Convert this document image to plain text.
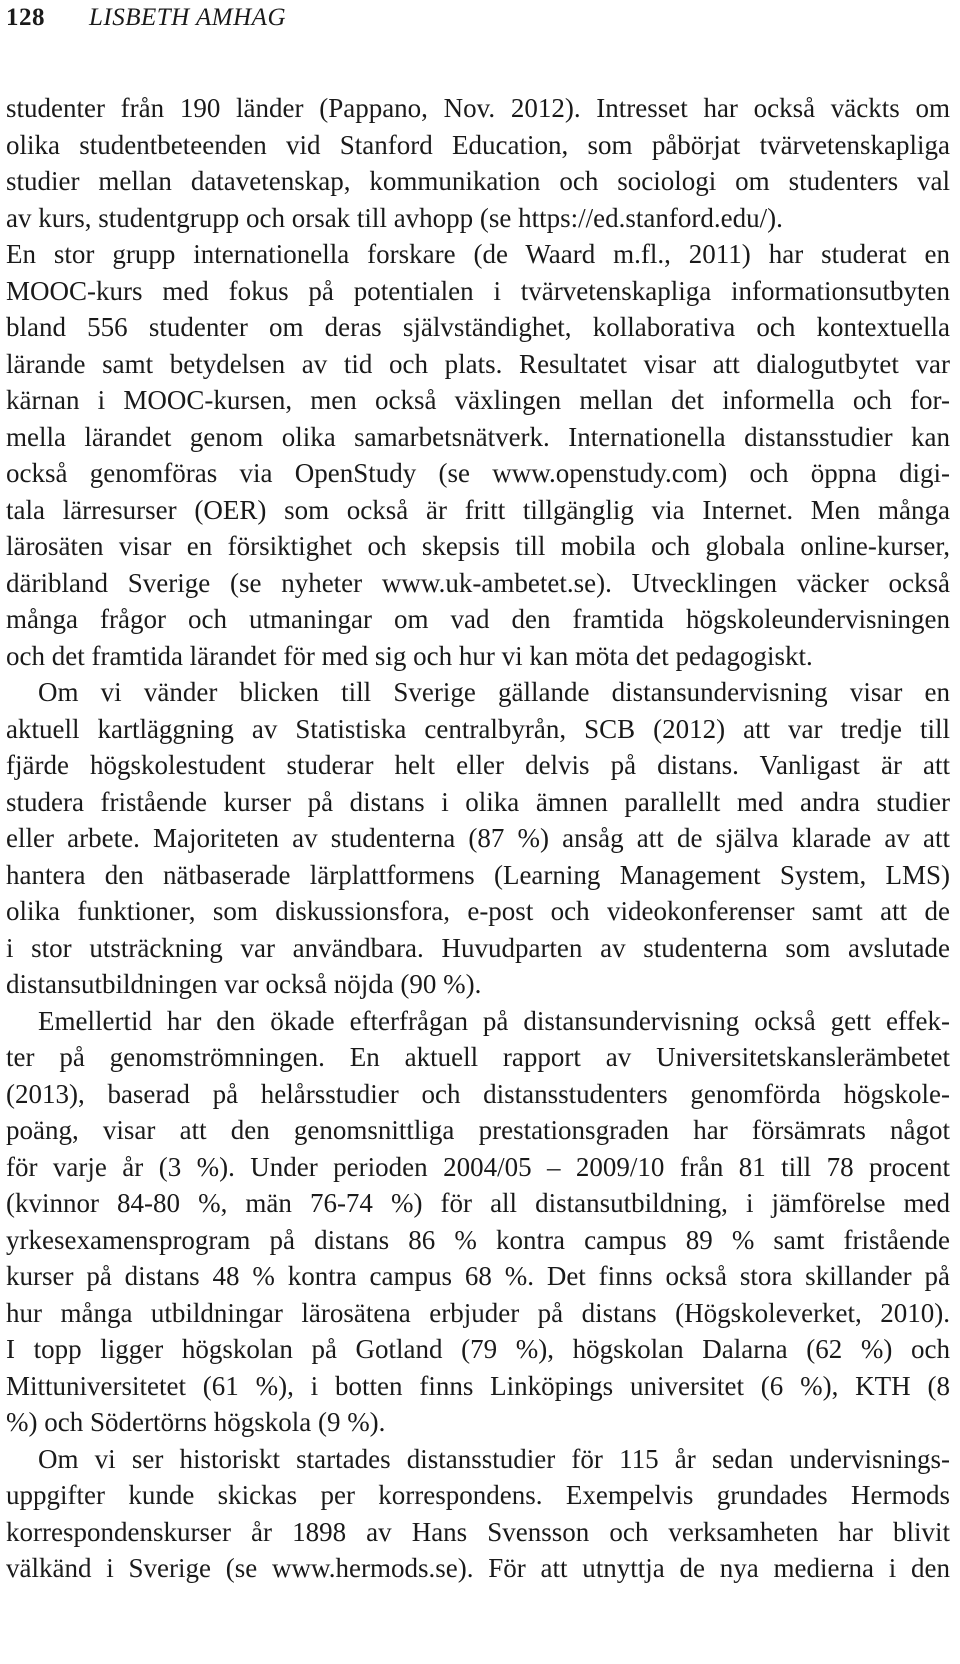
128 LISBETH AMHAG
studenter från 190 länder (Pappano, Nov. 2012). Intresset har också väckts om
olika studentbeteenden vid Stanford Education, som påbörjat tvärvetenskapliga
studier mellan datavetenskap, kommunikation och sociologi om studenters val
av kurs, studentgrupp och orsak till avhopp (se https://ed.stanford.edu/).
En stor grupp internationella forskare (de Waard m.fl., 2011) har studerat en
MOOC-kurs med fokus på potentialen i tvärvetenskapliga informationsutbyten
bland 556 studenter om deras självständighet, kollaborativa och kontextuella
lärande samt betydelsen av tid och plats. Resultatet visar att dialogutbytet var
kärnan i MOOC-kursen, men också växlingen mellan det informella och for-
mella lärandet genom olika samarbetsnätverk. Internationella distansstudier kan
också genomföras via OpenStudy (se www.openstudy.com) och öppna digi-
tala lärresurser (OER) som också är fritt tillgänglig via Internet. Men många
lärosäten visar en försiktighet och skepsis till mobila och globala online-kurser,
däribland Sverige (se nyheter www.uk-ambetet.se). Utvecklingen väcker också
många frågor och utmaningar om vad den framtida högskoleundervisningen
och det framtida lärandet för med sig och hur vi kan möta det pedagogiskt.
Om vi vänder blicken till Sverige gällande distansundervisning visar en
aktuell kartläggning av Statistiska centralbyrån, SCB (2012) att var tredje till
fjärde högskolestudent studerar helt eller delvis på distans. Vanligast är att
studera fristående kurser på distans i olika ämnen parallellt med andra studier
eller arbete. Majoriteten av studenterna (87 %) ansåg att de själva klarade av att
hantera den nätbaserade lärplattformens (Learning Management System, LMS)
olika funktioner, som diskussionsfora, e-post och videokonferenser samt att de
i stor utsträckning var användbara. Huvudparten av studenterna som avslutade
distansutbildningen var också nöjda (90 %).
Emellertid har den ökade efterfrågan på distansundervisning också gett effek-
ter på genomströmningen. En aktuell rapport av Universitetskanslerämbetet
(2013), baserad på helårsstudier och distansstudenters genomförda högskole-
poäng, visar att den genomsnittliga prestationsgraden har försämrats något
för varje år (3 %). Under perioden 2004/05 – 2009/10 från 81 till 78 procent
(kvinnor 84-80 %, män 76-74 %) för all distansutbildning, i jämförelse med
yrkesexamensprogram på distans 86 % kontra campus 89 % samt fristående
kurser på distans 48 % kontra campus 68 %. Det finns också stora skillander på
hur många utbildningar lärosätena erbjuder på distans (Högskoleverket, 2010).
I topp ligger högskolan på Gotland (79 %), högskolan Dalarna (62 %) och
Mittuniversitetet (61 %), i botten finns Linköpings universitet (6 %), KTH (8
%) och Södertörns högskola (9 %).
Om vi ser historiskt startades distansstudier för 115 år sedan undervisnings-
uppgifter kunde skickas per korrespondens. Exempelvis grundades Hermods
korrespondenskurser år 1898 av Hans Svensson och verksamheten har blivit
välkänd i Sverige (se www.hermods.se). För att utnyttja de nya medierna i den
